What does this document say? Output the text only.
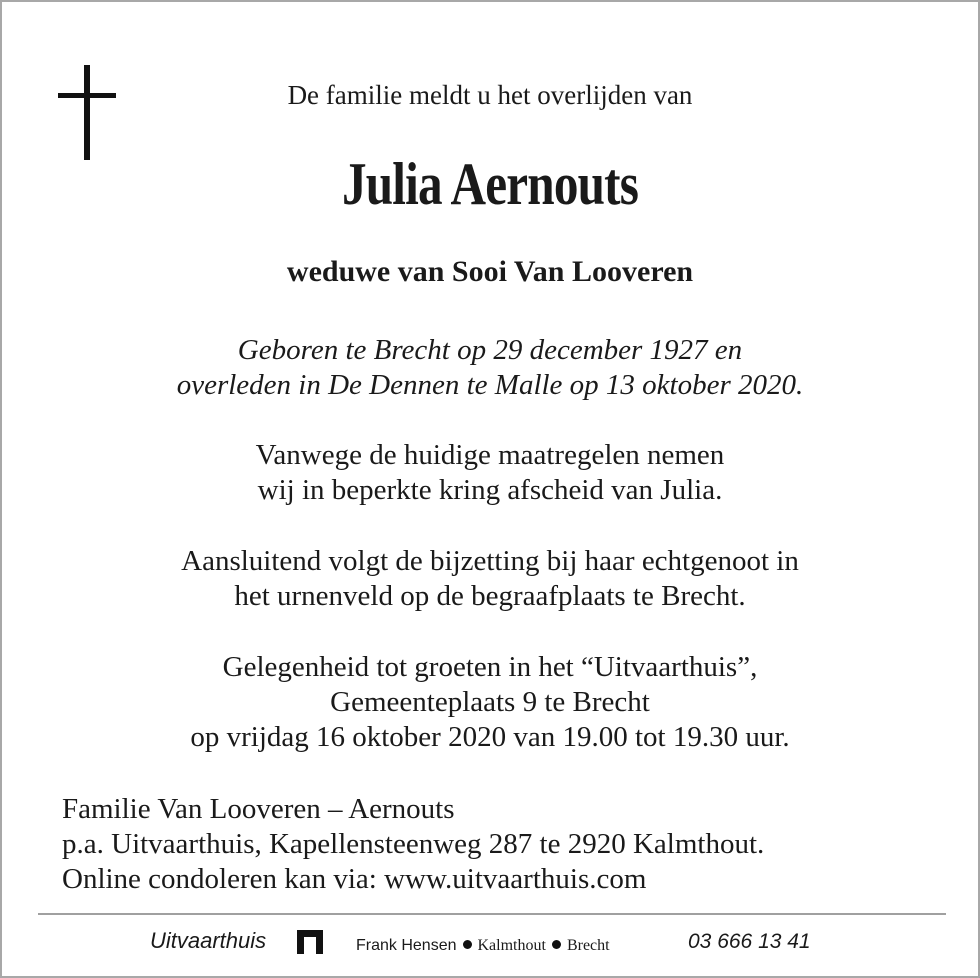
De familie meldt u het overlijden van
Julia Aernouts
weduwe van Sooi Van Looveren
Geboren te Brecht op 29 december 1927 en
overleden in De Dennen te Malle op 13 oktober 2020.
Vanwege de huidige maatregelen nemen
wij in beperkte kring afscheid van Julia.
Aansluitend volgt de bijzetting bij haar echtgenoot in
het urnenveld op de begraafplaats te Brecht.
Gelegenheid tot groeten in het “Uitvaarthuis”,
Gemeenteplaats 9 te Brecht
op vrijdag 16 oktober 2020 van 19.00 tot 19.30 uur.
Familie Van Looveren – Aernouts
p.a. Uitvaarthuis, Kapellensteenweg 287 te 2920 Kalmthout.
Online condoleren kan via: www.uitvaarthuis.com
Uitvaarthuis	Frank Hensen Kalmthout Brecht	03 666 13 41
